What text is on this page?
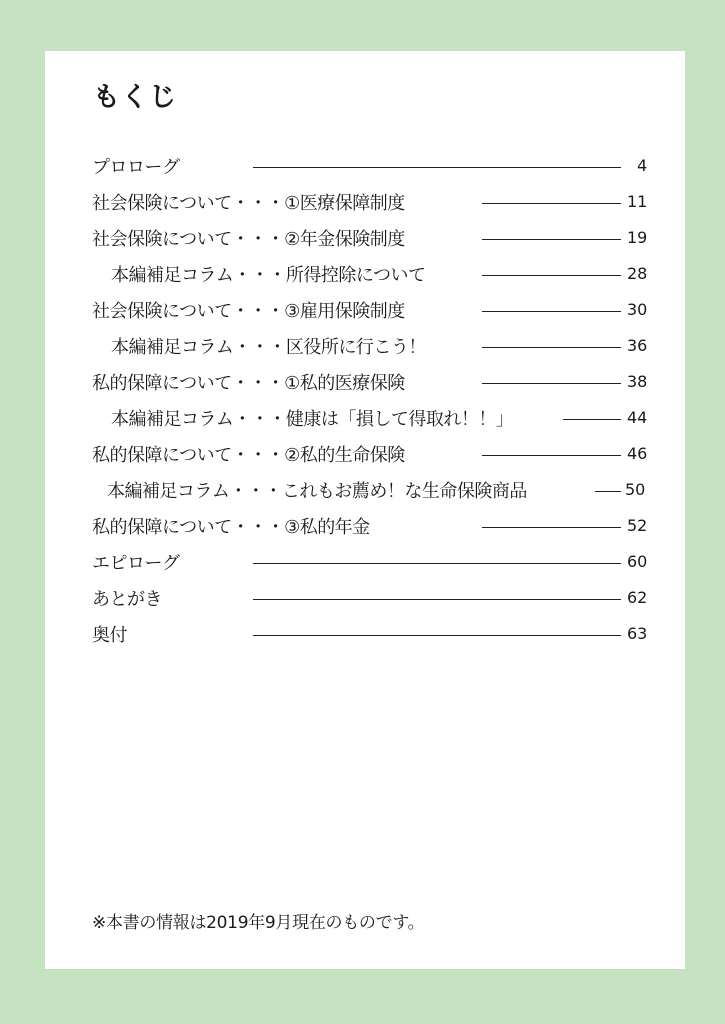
もくじ
プロローグ	4
社会保険について・・・①医療保障制度	11
社会保険について・・・②年金保険制度	19
本編補足コラム・・・所得控除について	28
社会保険について・・・③雇用保険制度	30
本編補足コラム・・・区役所に行こう！	36
私的保障について・・・①私的医療保険	38
本編補足コラム・・・健康は「損して得取れ！！」	44
私的保障について・・・②私的生命保険	46
本編補足コラム・・・これもお薦め！な生命保険商品	50
私的保障について・・・③私的年金	52
エピローグ	60
あとがき	62
奥付	63
※本書の情報は2019年9月現在のものです。
